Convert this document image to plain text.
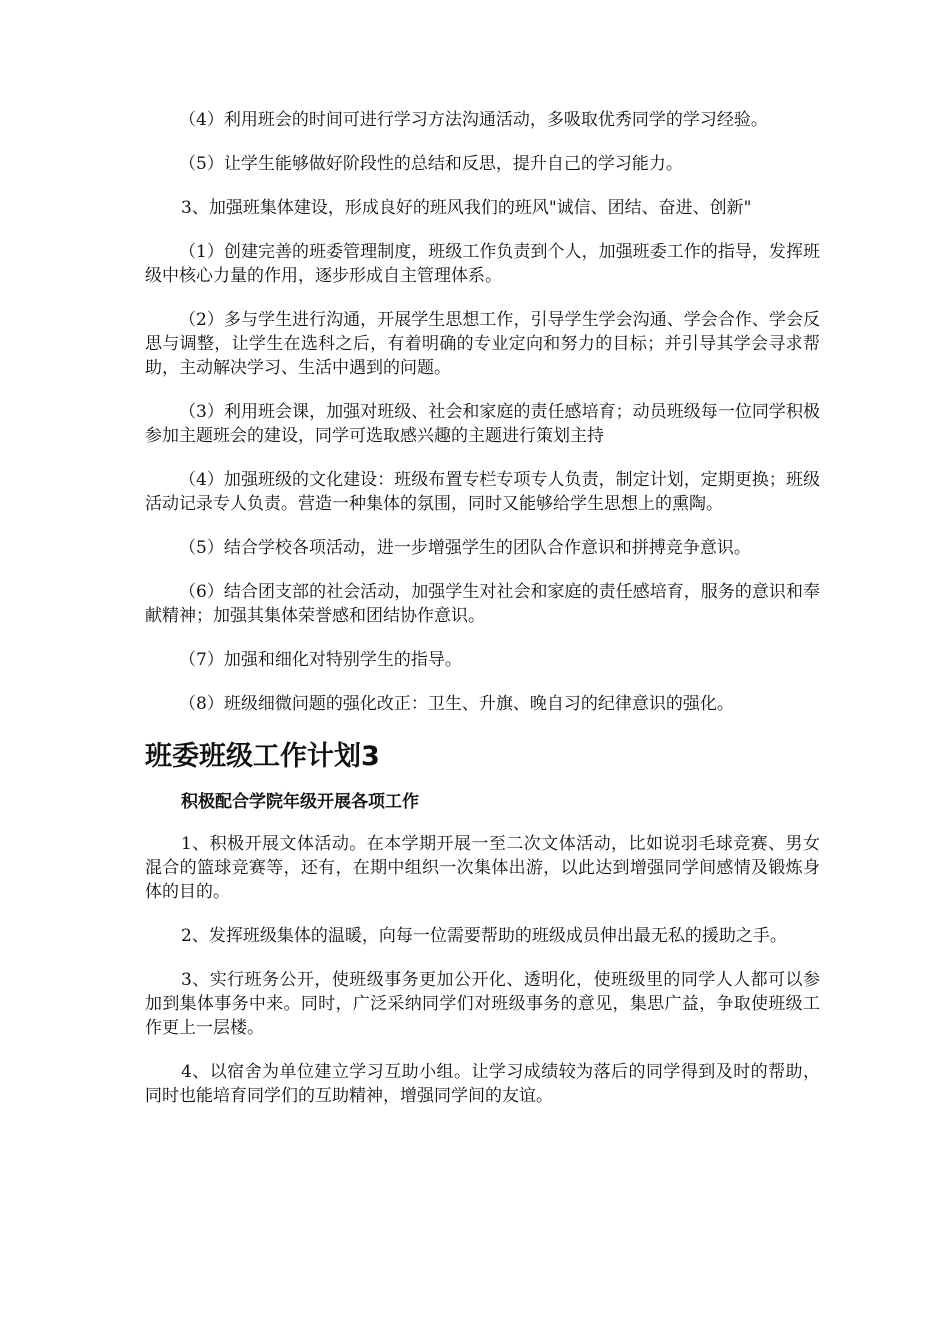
（4）利用班会的时间可进行学习方法沟通活动，多吸取优秀同学的学习经验。

（5）让学生能够做好阶段性的总结和反思，提升自己的学习能力。

3、加强班集体建设，形成良好的班风我们的班风"诚信、团结、奋进、创新"

（1）创建完善的班委管理制度，班级工作负责到个人，加强班委工作的指导，发挥班级中核心力量的作用，逐步形成自主管理体系。

（2）多与学生进行沟通，开展学生思想工作，引导学生学会沟通、学会合作、学会反思与调整，让学生在选科之后，有着明确的专业定向和努力的目标；并引导其学会寻求帮助，主动解决学习、生活中遇到的问题。

（3）利用班会课，加强对班级、社会和家庭的责任感培育；动员班级每一位同学积极参加主题班会的建设，同学可选取感兴趣的主题进行策划主持

（4）加强班级的文化建设：班级布置专栏专项专人负责，制定计划，定期更换；班级活动记录专人负责。营造一种集体的氛围，同时又能够给学生思想上的熏陶。

（5）结合学校各项活动，进一步增强学生的团队合作意识和拼搏竞争意识。

（6）结合团支部的社会活动，加强学生对社会和家庭的责任感培育，服务的意识和奉献精神；加强其集体荣誉感和团结协作意识。

（7）加强和细化对特别学生的指导。

（8）班级细微问题的强化改正：卫生、升旗、晚自习的纪律意识的强化。

班委班级工作计划3

积极配合学院年级开展各项工作

1、积极开展文体活动。在本学期开展一至二次文体活动，比如说羽毛球竞赛、男女混合的篮球竞赛等，还有，在期中组织一次集体出游，以此达到增强同学间感情及锻炼身体的目的。

2、发挥班级集体的温暖，向每一位需要帮助的班级成员伸出最无私的援助之手。

3、实行班务公开，使班级事务更加公开化、透明化，使班级里的同学人人都可以参加到集体事务中来。同时，广泛采纳同学们对班级事务的意见，集思广益，争取使班级工作更上一层楼。

4、以宿舍为单位建立学习互助小组。让学习成绩较为落后的同学得到及时的帮助，同时也能培育同学们的互助精神，增强同学间的友谊。
